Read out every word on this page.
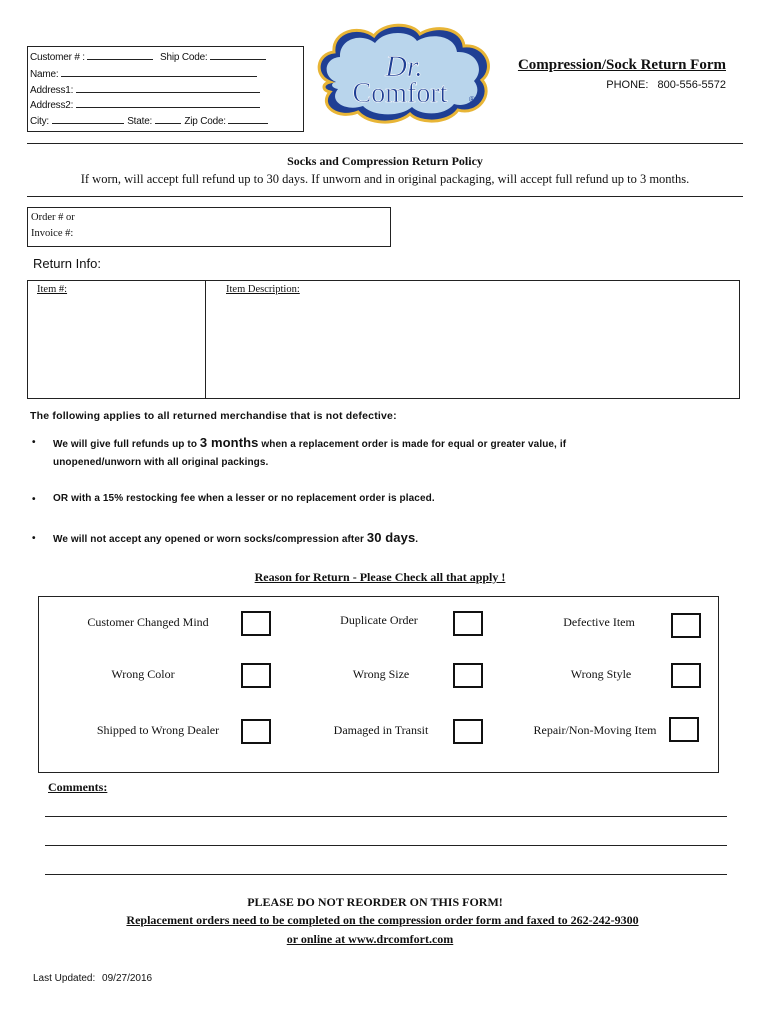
Customer # :	Ship Code:
Name:
Address1:
Address2:
City:	State:	Zip Code:
Dr.
Comfort	®
Compression/Sock Return Form
PHONE: 800-556-5572
Socks and Compression Return Policy
If worn, will accept full refund up to 30 days. If unworn and in original packaging, will accept full refund up to 3 months.
Order # or
Invoice #:
Return Info:
Item #:	Item Description:
The following applies to all returned merchandise that is not defective:
• We will give full refunds up to 3 months when a replacement order is made for equal or greater value, if
unopened/unworn with all original packings.
• OR with a 15% restocking fee when a lesser or no replacement order is placed.
• We will not accept any opened or worn socks/compression after 30 days.
Reason for Return - Please Check all that apply !
Customer Changed Mind	Duplicate Order	Defective Item
Wrong Color	Wrong Size	Wrong Style
Shipped to Wrong Dealer	Damaged in Transit	Repair/Non-Moving Item
Comments:
PLEASE DO NOT REORDER ON THIS FORM!
Replacement orders need to be completed on the compression order form and faxed to 262-242-9300
or online at www.drcomfort.com
Last Updated: 09/27/2016
